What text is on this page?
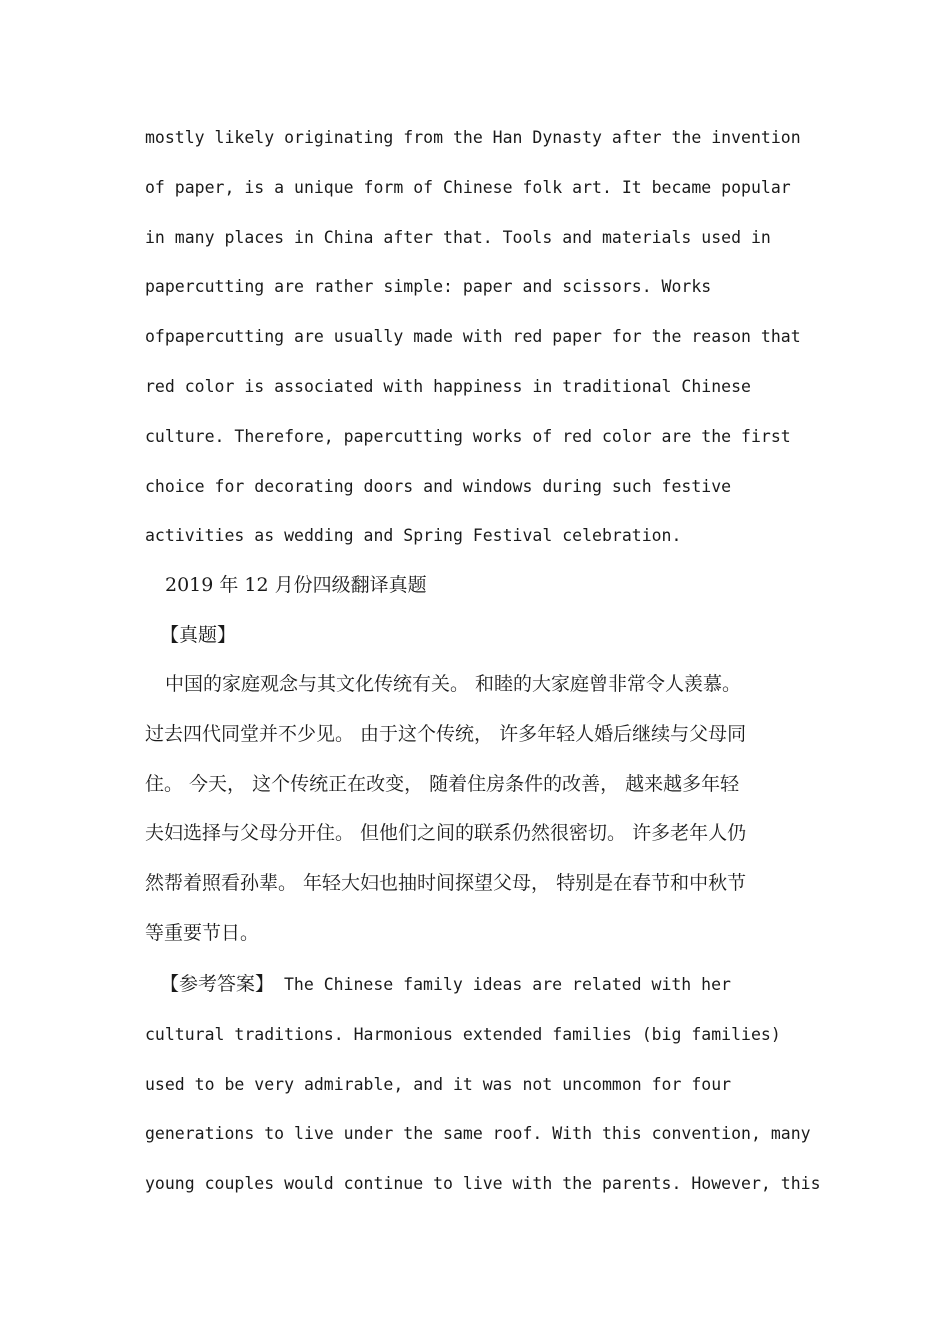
mostly likely originating from the Han Dynasty after the invention
of paper, is a unique form of Chinese folk art. It became popular
in many places in China after that. Tools and materials used in
papercutting are rather simple: paper and scissors. Works
ofpapercutting are usually made with red paper for the reason that
red color is associated with happiness in traditional Chinese
culture. Therefore, papercutting works of red color are the first
choice for decorating doors and windows during such festive
activities as wedding and Spring Festival celebration.
2019 年 12 月份四级翻译真题
【真题】
中国的家庭观念与其文化传统有关。 和睦的大家庭曾非常令人羡慕。
过去四代同堂并不少见。 由于这个传统， 许多年轻人婚后继续与父母同
住。 今天， 这个传统正在改变， 随着住房条件的改善， 越来越多年轻
夫妇选择与父母分开住。 但他们之间的联系仍然很密切。 许多老年人仍
然帮着照看孙辈。 年轻大妇也抽时间探望父母， 特别是在春节和中秋节
等重要节日。
【参考答案】 The Chinese family ideas are related with her
cultural traditions. Harmonious extended families (big families)
used to be very admirable, and it was not uncommon for four
generations to live under the same roof. With this convention, many
young couples would continue to live with the parents. However, this
